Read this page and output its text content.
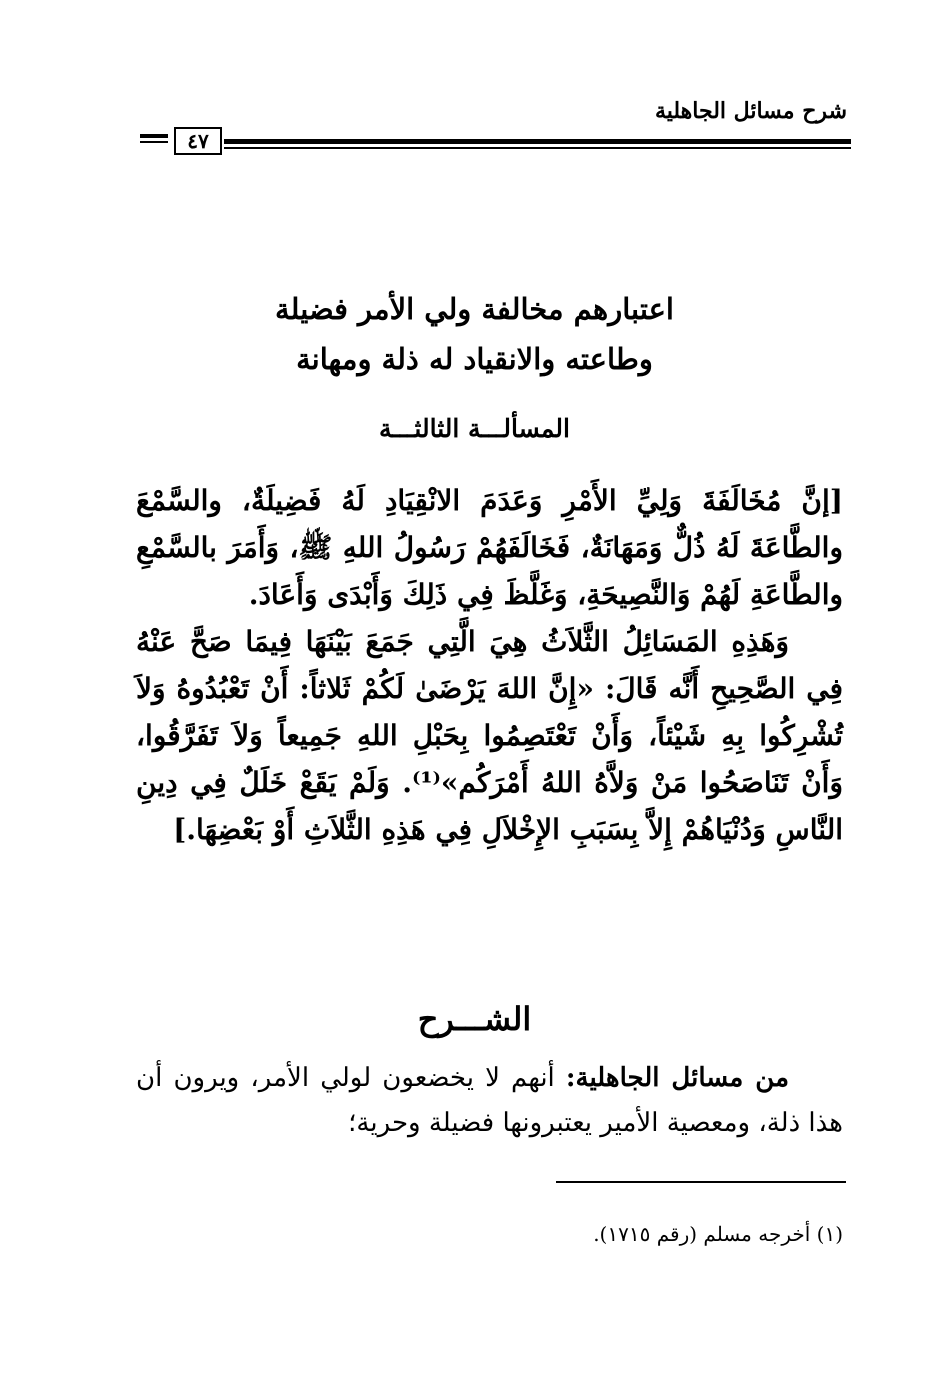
شرح مسائل الجاهلية
٤٧
اعتبارهم مخالفة ولي الأمر فضيلة
وطاعته والانقياد له ذلة ومهانة
المسألـــة الثالثـــة

[إنَّ مُخَالَفَةَ وَلِيِّ الأَمْرِ وَعَدَمَ الانْقِيَادِ لَهُ فَضِيلَةٌ، والسَّمْعَ والطَّاعَةَ لَهُ ذُلٌّ وَمَهَانَةٌ، فَخَالَفَهُمْ رَسُولُ اللهِ ﷺ، وَأَمَرَ بالسَّمْعِ والطَّاعَةِ لَهُمْ وَالنَّصِيحَةِ، وَغَلَّظَ فِي ذَلِكَ وَأَبْدَى وَأَعَادَ.

وَهَذِهِ المَسَائِلُ الثَّلاَثُ هِيَ الَّتِي جَمَعَ بَيْنَهَا فِيمَا صَحَّ عَنْهُ فِي الصَّحِيحِ أَنَّه قَالَ: «إِنَّ اللهَ يَرْضَىٰ لَكُمْ ثَلاثاً: أَنْ تَعْبُدُوهُ وَلاَ تُشْرِكُوا بِهِ شَيْئاً، وَأَنْ تَعْتَصِمُوا بِحَبْلِ اللهِ جَمِيعاً وَلاَ تَفَرَّقُوا، وَأَنْ تَنَاصَحُوا مَنْ وَلاَّهُ اللهُ أَمْرَكُم»⁽¹⁾. وَلَمْ يَقَعْ خَلَلٌ فِي دِينِ النَّاسِ وَدُنْيَاهُمْ إِلاَّ بِسَبَبِ الإِخْلاَلِ فِي هَذِهِ الثَّلاَثِ أَوْ بَعْضِهَا.]

الشـــرح

من مسائل الجاهلية: أنهم لا يخضعون لولي الأمر، ويرون أن هذا ذلة، ومعصية الأمير يعتبرونها فضيلة وحرية؛

(١) أخرجه مسلم (رقم ١٧١٥).
